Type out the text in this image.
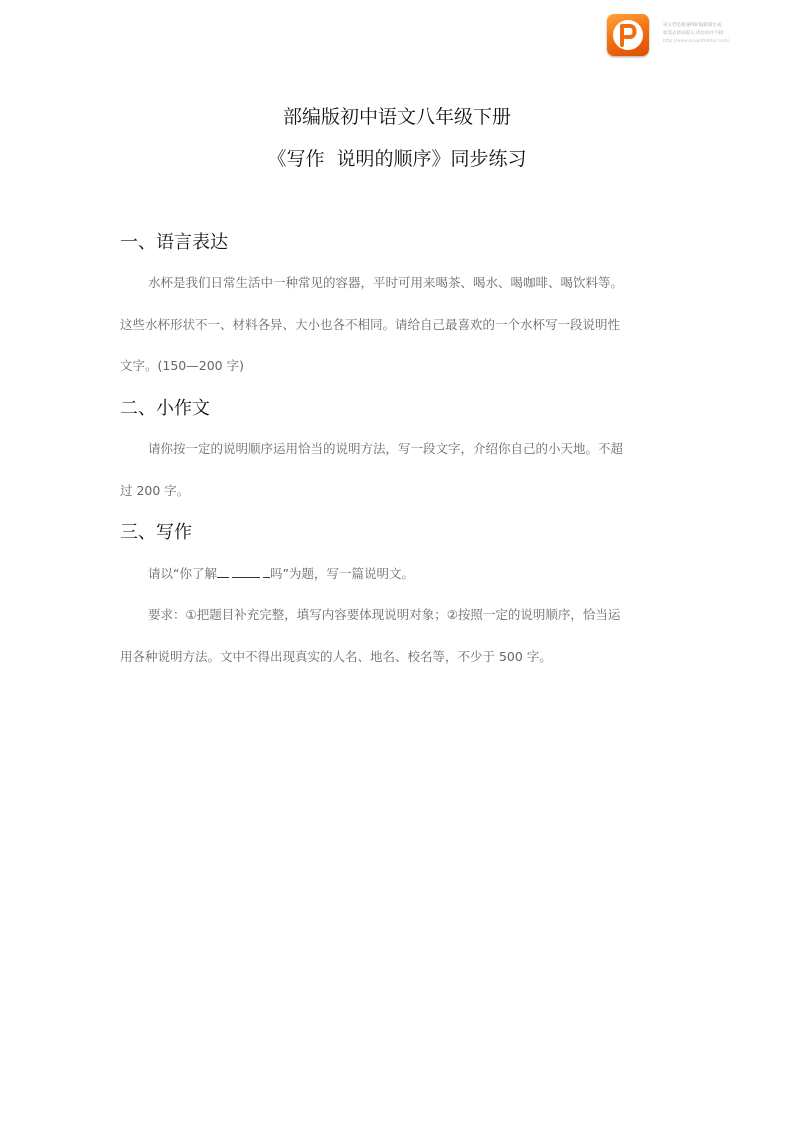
该文档是极速PDF编辑器生成,
如需去掉该提示,请访问并下载:
http://www.jisupdfeditor.com/
部编版初中语文八年级下册
《写作  说明的顺序》同步练习
一、语言表达
水杯是我们日常生活中一种常见的容器，平时可用来喝茶、喝水、喝咖啡、喝饮料等。
这些水杯形状不一、材料各异、大小也各不相同。请给自己最喜欢的一个水杯写一段说明性
文字。(150—200 字)
二、小作文
请你按一定的说明顺序运用恰当的说明方法，写一段文字，介绍你自己的小天地。不超
过 200 字。
三、写作
请以“你了解	吗”为题，写一篇说明文。
要求：①把题目补充完整，填写内容要体现说明对象；②按照一定的说明顺序，恰当运
用各种说明方法。文中不得出现真实的人名、地名、校名等，不少于 500 字。
